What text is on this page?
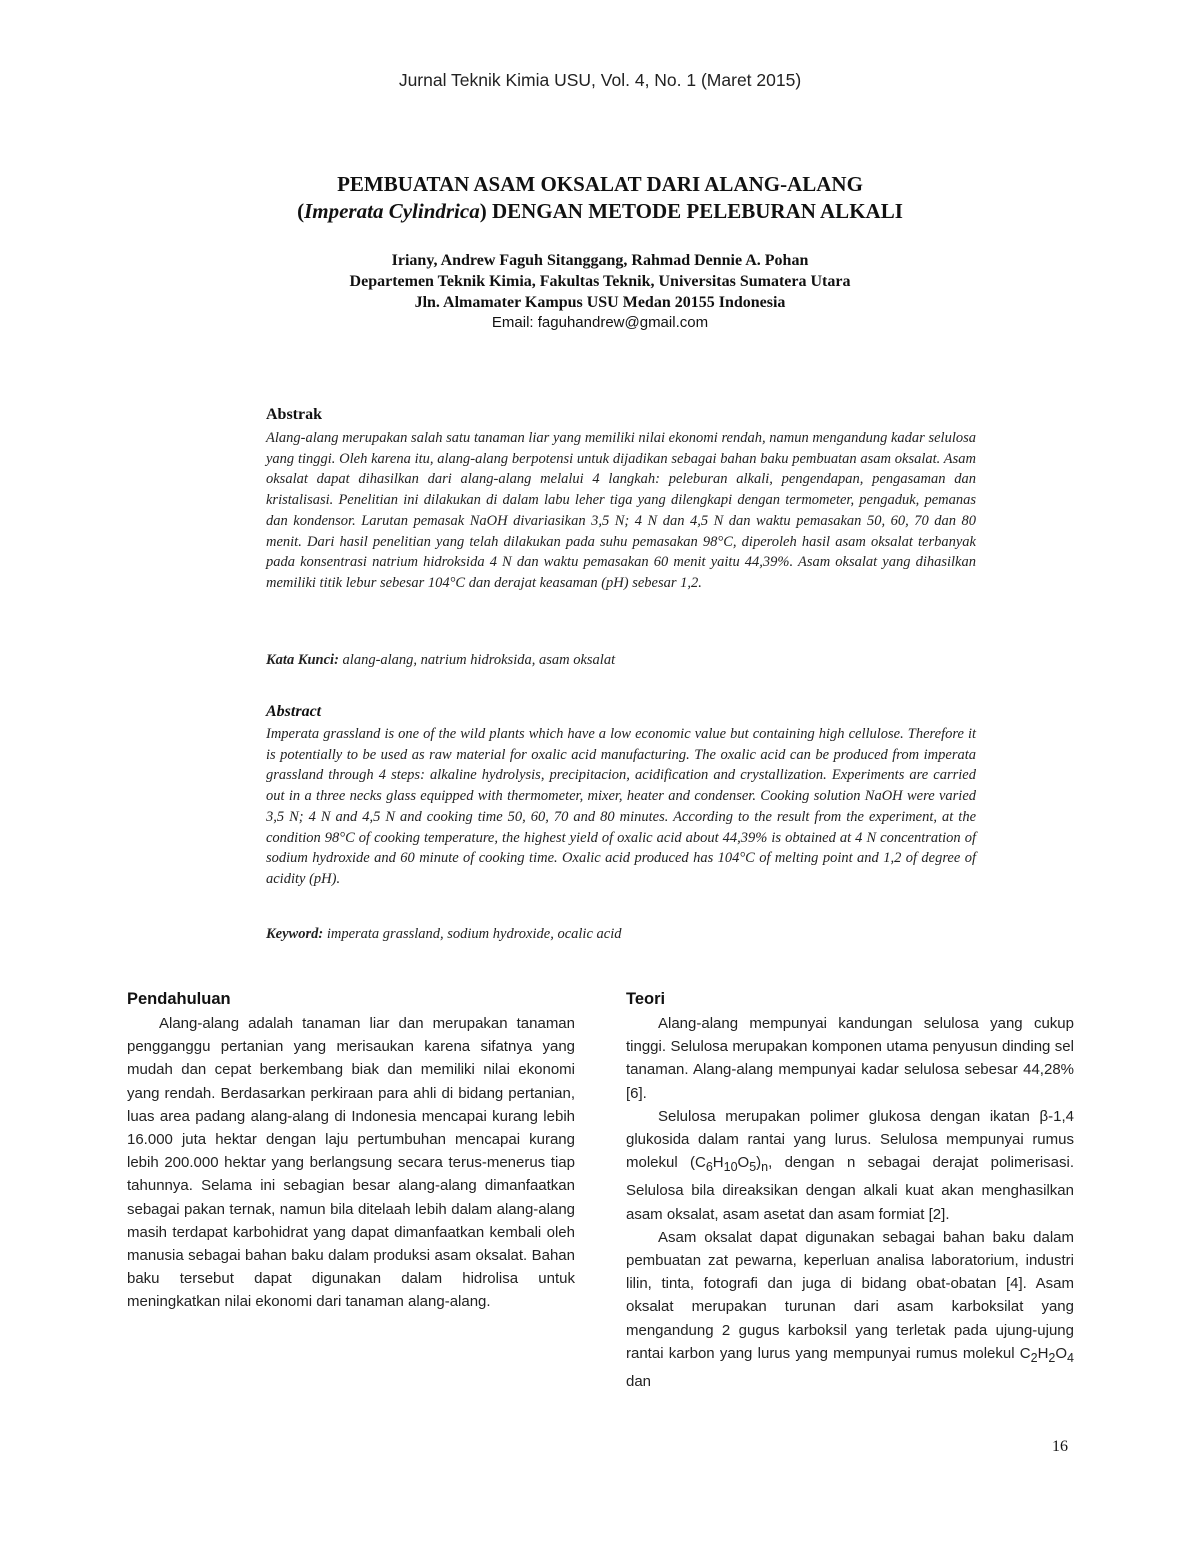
Jurnal Teknik Kimia USU, Vol. 4, No. 1 (Maret 2015)
PEMBUATAN ASAM OKSALAT DARI ALANG-ALANG
(Imperata Cylindrica) DENGAN METODE PELEBURAN ALKALI
Iriany, Andrew Faguh Sitanggang, Rahmad Dennie A. Pohan
Departemen Teknik Kimia, Fakultas Teknik, Universitas Sumatera Utara
Jln. Almamater Kampus USU Medan 20155 Indonesia
Email: faguhandrew@gmail.com
Abstrak
Alang-alang merupakan salah satu tanaman liar yang memiliki nilai ekonomi rendah, namun mengandung kadar selulosa yang tinggi. Oleh karena itu, alang-alang berpotensi untuk dijadikan sebagai bahan baku pembuatan asam oksalat. Asam oksalat dapat dihasilkan dari alang-alang melalui 4 langkah: peleburan alkali, pengendapan, pengasaman dan kristalisasi. Penelitian ini dilakukan di dalam labu leher tiga yang dilengkapi dengan termometer, pengaduk, pemanas dan kondensor. Larutan pemasak NaOH divariasikan 3,5 N; 4 N dan 4,5 N dan waktu pemasakan 50, 60, 70 dan 80 menit. Dari hasil penelitian yang telah dilakukan pada suhu pemasakan 98°C, diperoleh hasil asam oksalat terbanyak pada konsentrasi natrium hidroksida 4 N dan waktu pemasakan 60 menit yaitu 44,39%. Asam oksalat yang dihasilkan memiliki titik lebur sebesar 104°C dan derajat keasaman (pH) sebesar 1,2.
Kata Kunci: alang-alang, natrium hidroksida, asam oksalat
Abstract
Imperata grassland is one of the wild plants which have a low economic value but containing high cellulose. Therefore it is potentially to be used as raw material for oxalic acid manufacturing. The oxalic acid can be produced from imperata grassland through 4 steps: alkaline hydrolysis, precipitacion, acidification and crystallization. Experiments are carried out in a three necks glass equipped with thermometer, mixer, heater and condenser. Cooking solution NaOH were varied 3,5 N; 4 N and 4,5 N and cooking time 50, 60, 70 and 80 minutes. According to the result from the experiment, at the condition 98°C of cooking temperature, the highest yield of oxalic acid about 44,39% is obtained at 4 N concentration of sodium hydroxide and 60 minute of cooking time. Oxalic acid produced has 104°C of melting point and 1,2 of degree of acidity (pH).
Keyword: imperata grassland, sodium hydroxide, ocalic acid
Pendahuluan

Alang-alang adalah tanaman liar dan merupakan tanaman pengganggu pertanian yang merisaukan karena sifatnya yang mudah dan cepat berkembang biak dan memiliki nilai ekonomi yang rendah. Berdasarkan perkiraan para ahli di bidang pertanian, luas area padang alang-alang di Indonesia mencapai kurang lebih 16.000 juta hektar dengan laju pertumbuhan mencapai kurang lebih 200.000 hektar yang berlangsung secara terus-menerus tiap tahunnya. Selama ini sebagian besar alang-alang dimanfaatkan sebagai pakan ternak, namun bila ditelaah lebih dalam alang-alang masih terdapat karbohidrat yang dapat dimanfaatkan kembali oleh manusia sebagai bahan baku dalam produksi asam oksalat. Bahan baku tersebut dapat digunakan dalam hidrolisa untuk meningkatkan nilai ekonomi dari tanaman alang-alang.

Teori

Alang-alang mempunyai kandungan selulosa yang cukup tinggi. Selulosa merupakan komponen utama penyusun dinding sel tanaman. Alang-alang mempunyai kadar selulosa sebesar 44,28% [6].

Selulosa merupakan polimer glukosa dengan ikatan β-1,4 glukosida dalam rantai yang lurus. Selulosa mempunyai rumus molekul $(C_6H_{10}O_5)_n$, dengan n sebagai derajat polimerisasi. Selulosa bila direaksikan dengan alkali kuat akan menghasilkan asam oksalat, asam asetat dan asam formiat [2].

Asam oksalat dapat digunakan sebagai bahan baku dalam pembuatan zat pewarna, keperluan analisa laboratorium, industri lilin, tinta, fotografi dan juga di bidang obat-obatan [4]. Asam oksalat merupakan turunan dari asam karboksilat yang mengandung 2 gugus karboksil yang terletak pada ujung-ujung rantai karbon yang lurus yang mempunyai rumus molekul $C_2H_2O_4$ dan

16
